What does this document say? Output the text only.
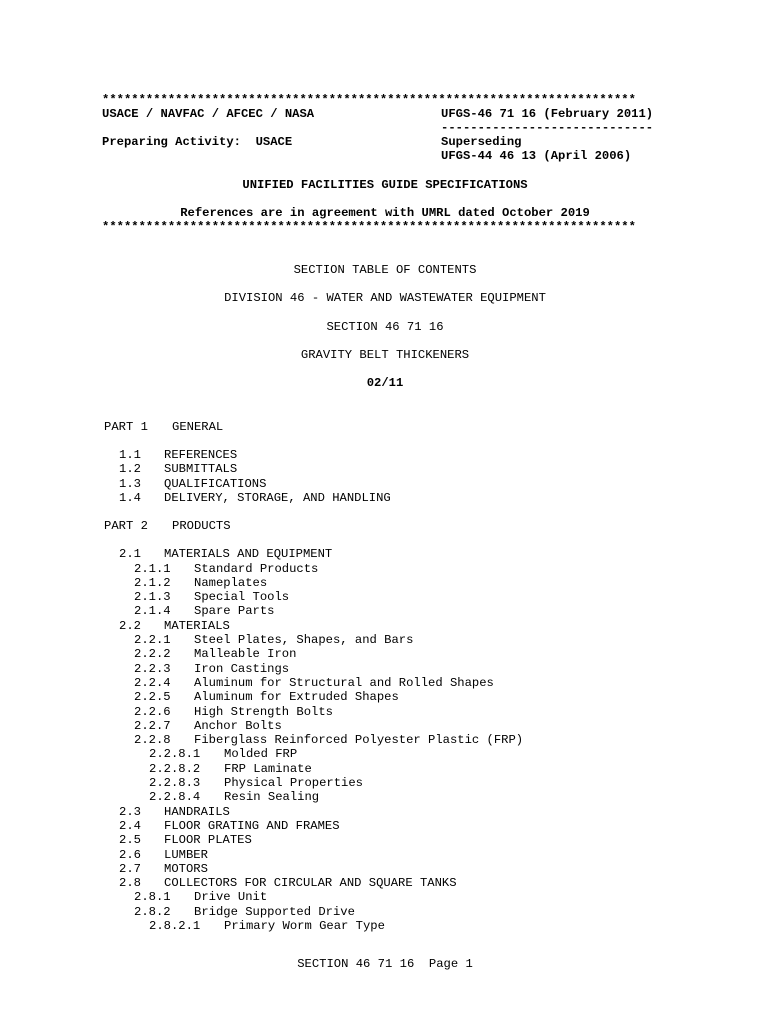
*************************************************************************
USACE / NAVFAC / AFCEC / NASA	UFGS-46 71 16 (February 2011)
-----------------------------
Preparing Activity:  USACE	Superseding
UFGS-44 46 13 (April 2006)
UNIFIED FACILITIES GUIDE SPECIFICATIONS
References are in agreement with UMRL dated October 2019
*************************************************************************
SECTION TABLE OF CONTENTS
DIVISION 46 - WATER AND WASTEWATER EQUIPMENT
SECTION 46 71 16
GRAVITY BELT THICKENERS
02/11
PART 1 GENERAL
1.1 REFERENCES
1.2 SUBMITTALS
1.3 QUALIFICATIONS
1.4 DELIVERY, STORAGE, AND HANDLING
PART 2 PRODUCTS
2.1 MATERIALS AND EQUIPMENT
2.1.1 Standard Products
2.1.2 Nameplates
2.1.3 Special Tools
2.1.4 Spare Parts
2.2 MATERIALS
2.2.1 Steel Plates, Shapes, and Bars
2.2.2 Malleable Iron
2.2.3 Iron Castings
2.2.4 Aluminum for Structural and Rolled Shapes
2.2.5 Aluminum for Extruded Shapes
2.2.6 High Strength Bolts
2.2.7 Anchor Bolts
2.2.8 Fiberglass Reinforced Polyester Plastic (FRP)
2.2.8.1 Molded FRP
2.2.8.2 FRP Laminate
2.2.8.3 Physical Properties
2.2.8.4 Resin Sealing
2.3 HANDRAILS
2.4 FLOOR GRATING AND FRAMES
2.5 FLOOR PLATES
2.6 LUMBER
2.7 MOTORS
2.8 COLLECTORS FOR CIRCULAR AND SQUARE TANKS
2.8.1 Drive Unit
2.8.2 Bridge Supported Drive
2.8.2.1 Primary Worm Gear Type
SECTION 46 71 16  Page 1
